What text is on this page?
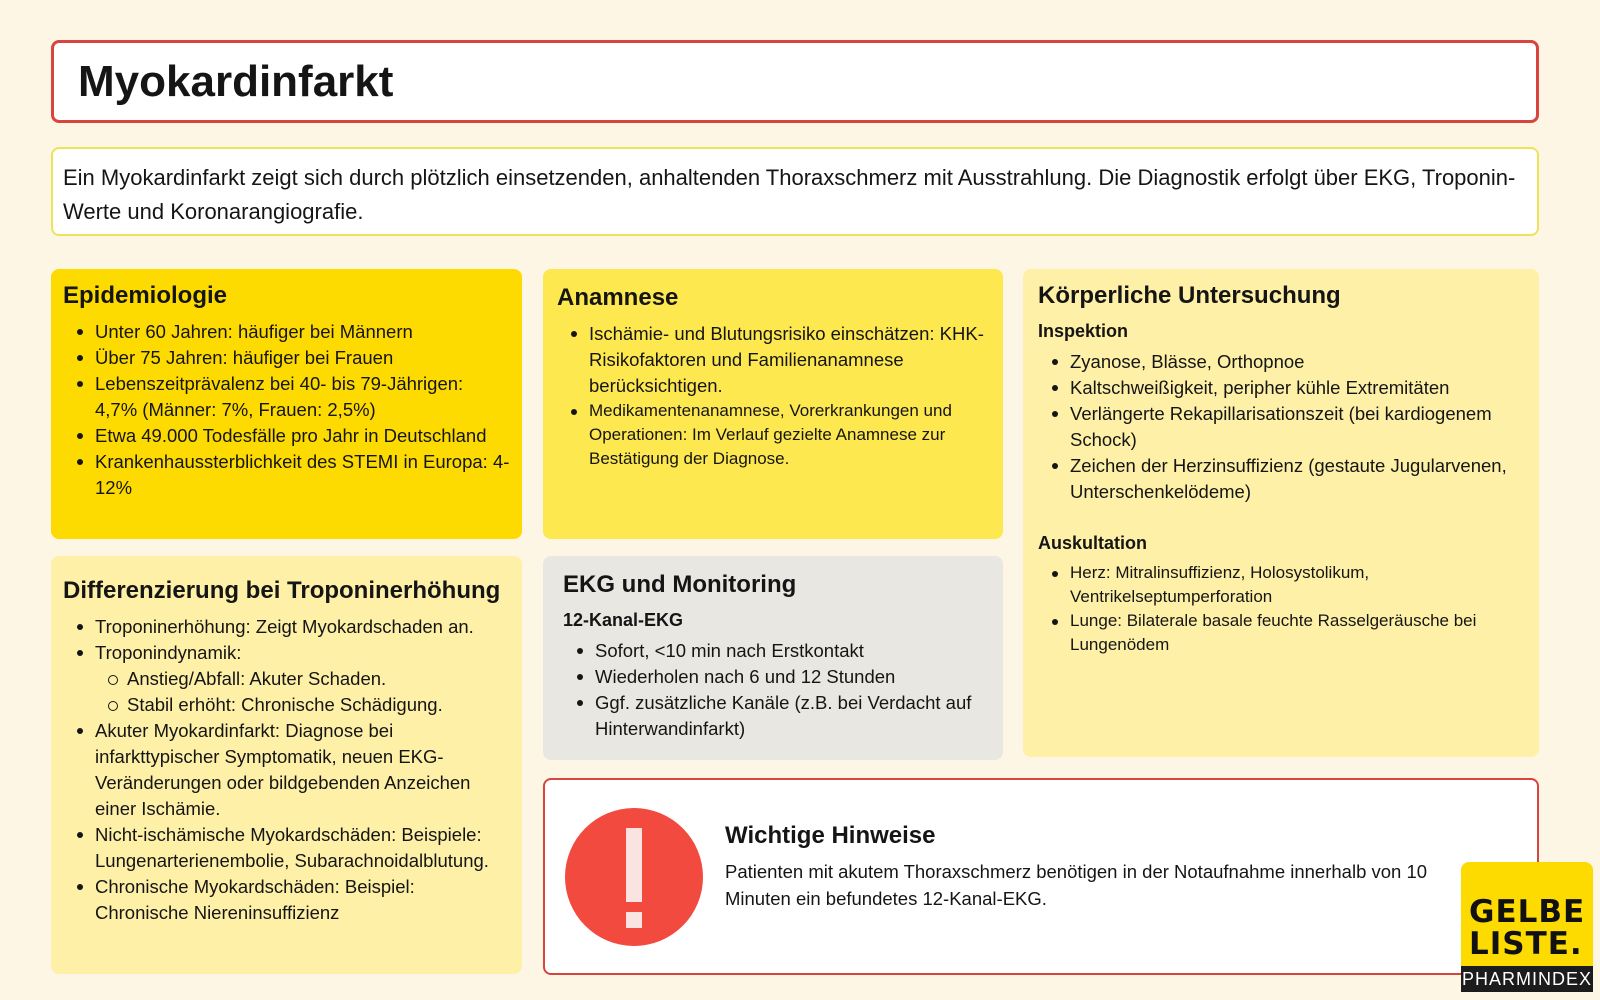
Myokardinfarkt

Ein Myokardinfarkt zeigt sich durch plötzlich einsetzenden, anhaltenden Thoraxschmerz mit Ausstrahlung. Die Diagnostik erfolgt über EKG, Troponin-Werte und Koronarangiografie.

Epidemiologie
Unter 60 Jahren: häufiger bei Männern
Über 75 Jahren: häufiger bei Frauen
Lebenszeitprävalenz bei 40- bis 79-Jährigen: 4,7% (Männer: 7%, Frauen: 2,5%)
Etwa 49.000 Todesfälle pro Jahr in Deutschland
Krankenhaussterblichkeit des STEMI in Europa: 4-12%
Anamnese
Ischämie- und Blutungsrisiko einschätzen: KHK-Risikofaktoren und Familienanamnese berücksichtigen.
Medikamentenanamnese, Vorerkrankungen und Operationen: Im Verlauf gezielte Anamnese zur Bestätigung der Diagnose.
Körperliche Untersuchung
Inspektion
Zyanose, Blässe, Orthopnoe
Kaltschweißigkeit, peripher kühle Extremitäten
Verlängerte Rekapillarisationszeit (bei kardiogenem Schock)
Zeichen der Herzinsuffizienz (gestaute Jugularvenen, Unterschenkelödeme)
Auskultation
Herz: Mitralinsuffizienz, Holosystolikum, Ventrikelseptumperforation
Lunge: Bilaterale basale feuchte Rasselgeräusche bei Lungenödem
Differenzierung bei Troponinerhöhung
Troponinerhöhung: Zeigt Myokardschaden an.
Troponindynamik:
Anstieg/Abfall: Akuter Schaden.
Stabil erhöht: Chronische Schädigung.
Akuter Myokardinfarkt: Diagnose bei infarkttypischer Symptomatik, neuen EKG-Veränderungen oder bildgebenden Anzeichen einer Ischämie.
Nicht-ischämische Myokardschäden: Beispiele: Lungenarterienembolie, Subarachnoidalblutung.
Chronische Myokardschäden: Beispiel: Chronische Niereninsuffizienz
EKG und Monitoring
12-Kanal-EKG
Sofort, <10 min nach Erstkontakt
Wiederholen nach 6 und 12 Stunden
Ggf. zusätzliche Kanäle (z.B. bei Verdacht auf Hinterwandinfarkt)
Wichtige Hinweise

Patienten mit akutem Thoraxschmerz benötigen in der Notaufnahme innerhalb von 10 Minuten ein befundetes 12-Kanal-EKG.	GELBE
LISTE.
PHARMINDEX
